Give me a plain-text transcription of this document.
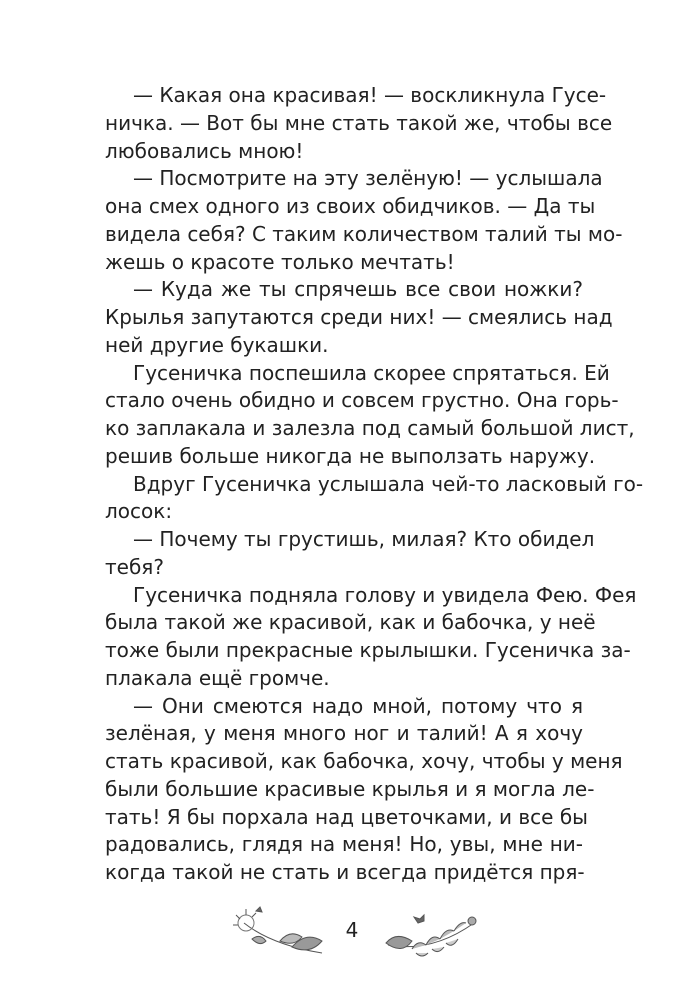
— Какая она красивая! — воскликнула Гусе-
ничка. — Вот бы мне стать такой же, чтобы все
любовались мною!
— Посмотрите на эту зелёную! — услышала
она смех одного из своих обидчиков. — Да ты
видела себя? С таким количеством талий ты мо-
жешь о красоте только мечтать!
— Куда же ты спрячешь все свои ножки?
Крылья запутаются среди них! — смеялись над
ней другие букашки.
Гусеничка поспешила скорее спрятаться. Ей
стало очень обидно и совсем грустно. Она горь-
ко заплакала и залезла под самый большой лист,
решив больше никогда не выползать наружу.
Вдруг Гусеничка услышала чей-то ласковый го-
лосок:
— Почему ты грустишь, милая? Кто обидел
тебя?
Гусеничка подняла голову и увидела Фею. Фея
была такой же красивой, как и бабочка, у неё
тоже были прекрасные крылышки. Гусеничка за-
плакала ещё громче.
— Они смеются надо мной, потому что я
зелёная, у меня много ног и талий! А я хочу
стать красивой, как бабочка, хочу, чтобы у меня
были большие красивые крылья и я могла ле-
тать! Я бы порхала над цветочками, и все бы
радовались, глядя на меня! Но, увы, мне ни-
когда такой не стать и всегда придётся пря-
4
